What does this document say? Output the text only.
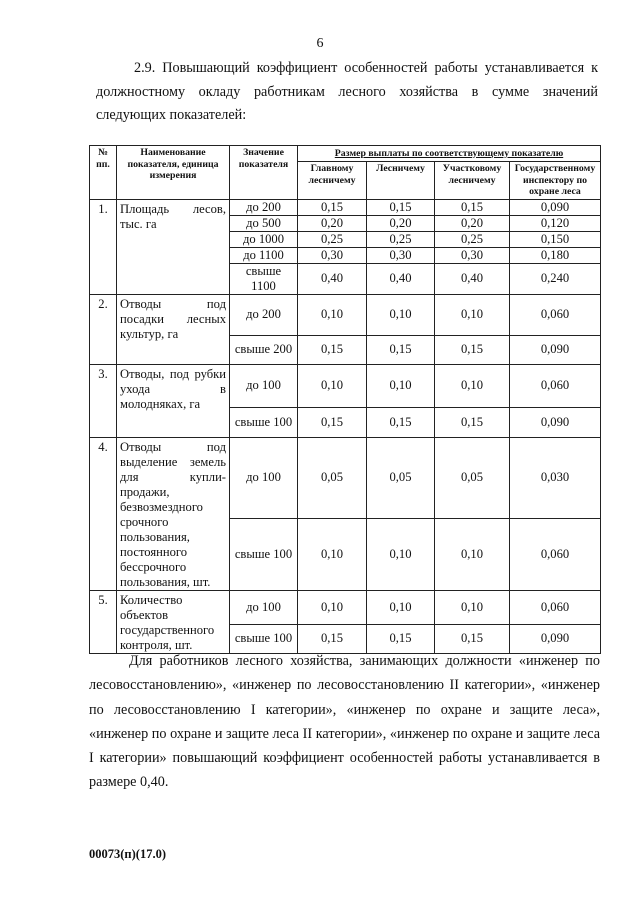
6

2.9. Повышающий коэффициент особенностей работы устанавливается к должностному окладу работникам лесного хозяйства в сумме значений следующих показателей:

№ пп.	Наименование показателя, единица измерения	Значение показателя	Размер выплаты по соответствующему показателю			
			Главному лесничему	Лесничему	Участковому лесничему	Государственному инспектору по охране леса
1.	Площадь лесов, тыс. га	до 200	0,15	0,15	0,15	0,090
		до 500	0,20	0,20	0,20	0,120
		до 1000	0,25	0,25	0,25	0,150
		до 1100	0,30	0,30	0,30	0,180
		свыше 1100	0,40	0,40	0,40	0,240
2.	Отводы под посадки лесных культур, га	до 200	0,10	0,10	0,10	0,060
		свыше 200	0,15	0,15	0,15	0,090
3.	Отводы, под рубки ухода в молодняках, га	до 100	0,10	0,10	0,10	0,060
		свыше 100	0,15	0,15	0,15	0,090
4.	Отводы под выделение земель для купли-продажи, безвозмездного срочного пользования, постоянного бессрочного пользования, шт.	до 100	0,05	0,05	0,05	0,030
		свыше 100	0,10	0,10	0,10	0,060
5.	Количество объектов государственного контроля, шт.	до 100	0,10	0,10	0,10	0,060
		свыше 100	0,15	0,15	0,15	0,090

Для работников лесного хозяйства, занимающих должности «инженер по лесовосстановлению», «инженер по лесовосстановлению II категории», «инженер по лесовосстановлению I категории», «инженер по охране и защите леса», «инженер по охране и защите леса II категории», «инженер по охране и защите леса I категории» повышающий коэффициент особенностей работы устанавливается в размере 0,40.

00073(п)(17.0)
